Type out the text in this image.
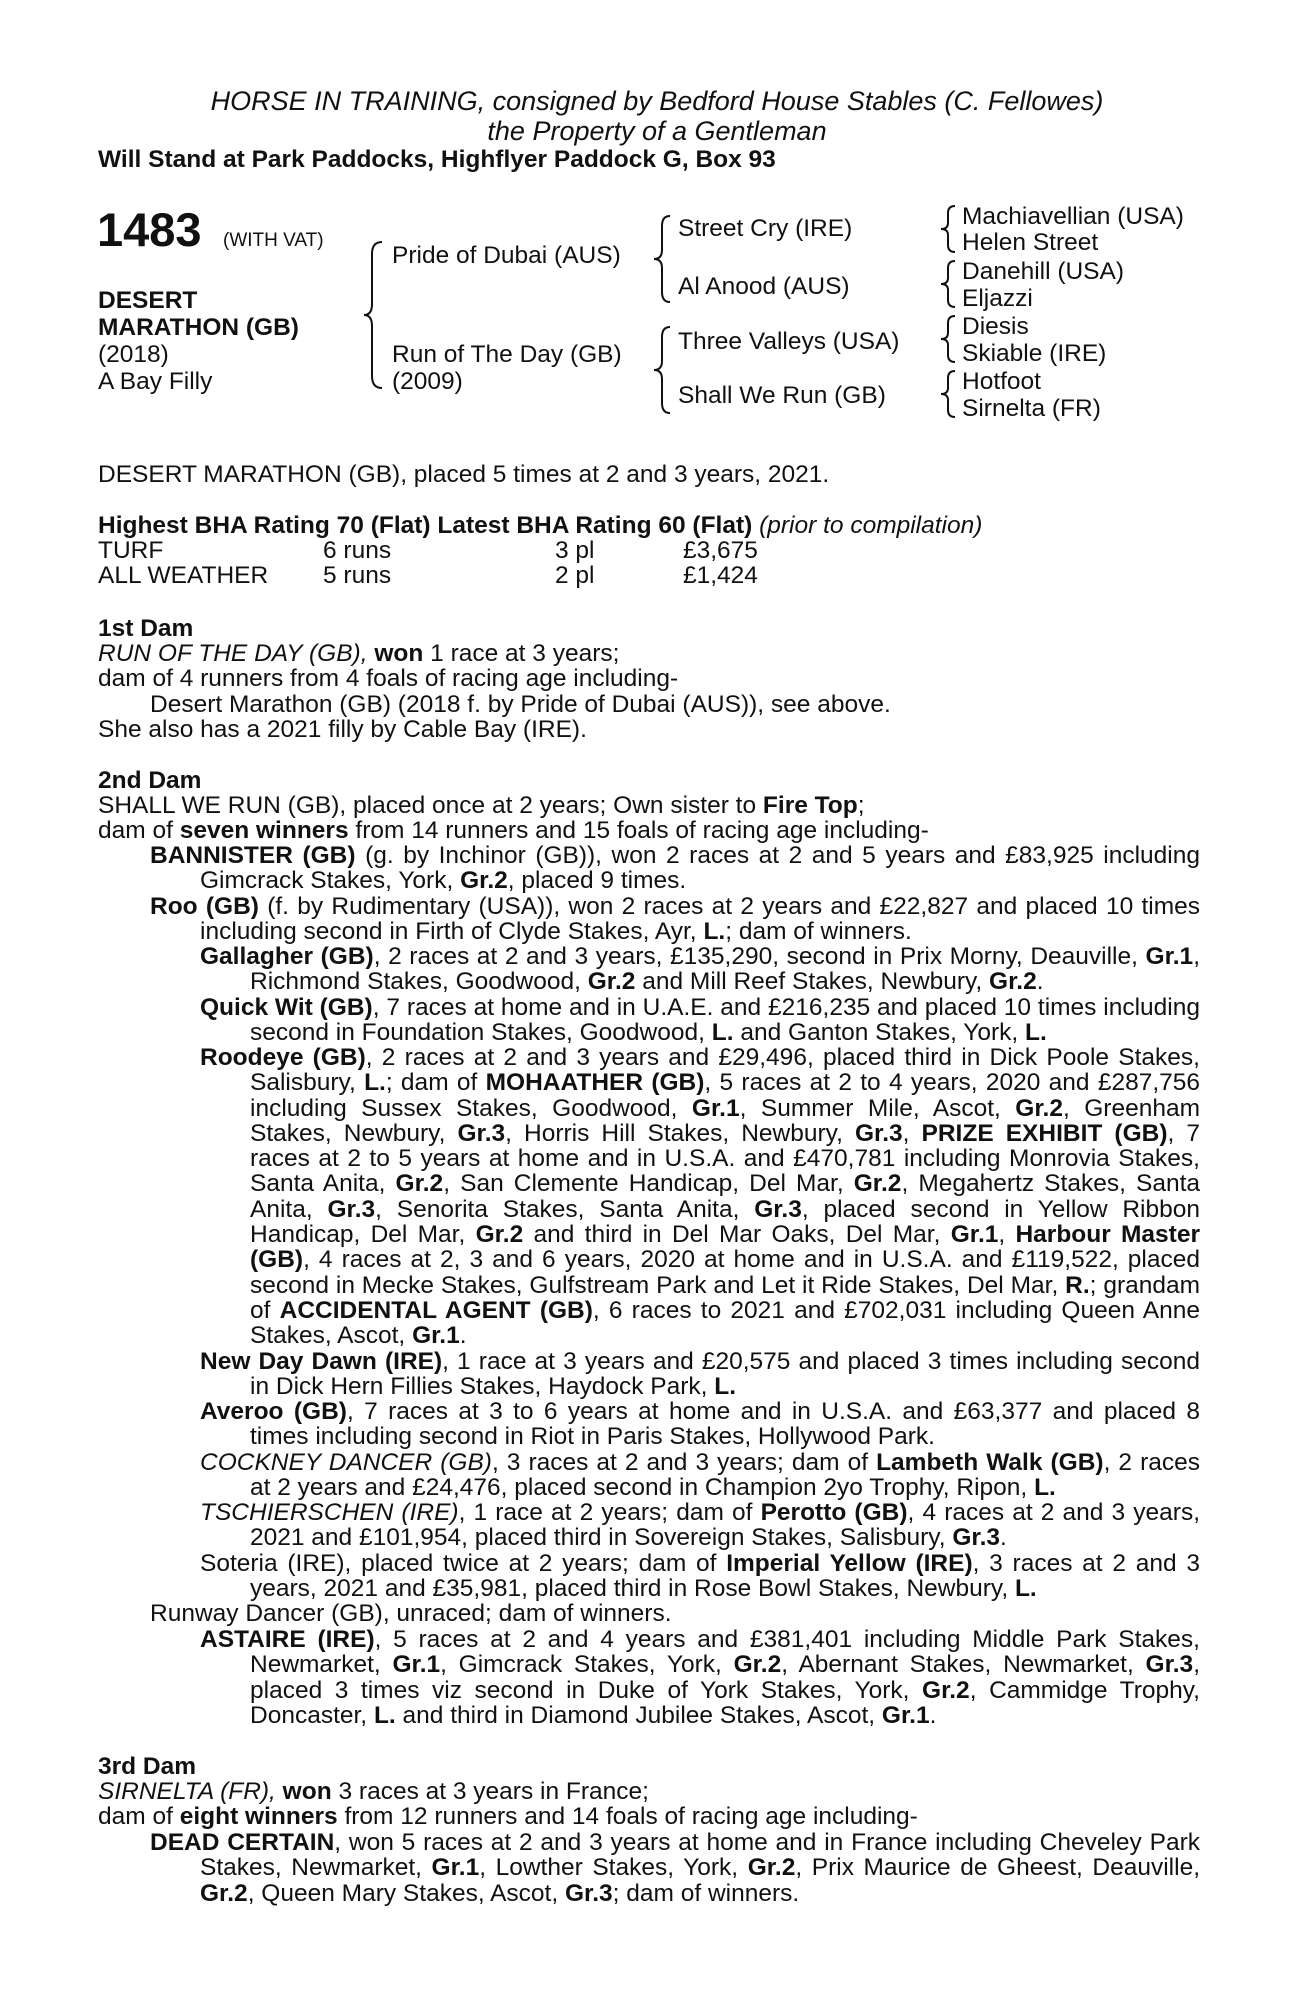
HORSE IN TRAINING, consigned by Bedford House Stables (C. Fellowes)
the Property of a Gentleman
Will Stand at Park Paddocks, Highflyer Paddock G, Box 93
1483 (WITH VAT)
DESERT
MARATHON (GB)
(2018)
A Bay Filly
Pride of Dubai (AUS)
Run of The Day (GB)
(2009)
Street Cry (IRE)
Al Anood (AUS)
Three Valleys (USA)
Shall We Run (GB)
Machiavellian (USA)
Helen Street
Danehill (USA)
Eljazzi
Diesis
Skiable (IRE)
Hotfoot
Sirnelta (FR)
DESERT MARATHON (GB), placed 5 times at 2 and 3 years, 2021.
Highest BHA Rating 70 (Flat) Latest BHA Rating 60 (Flat) (prior to compilation)
TURF	6 runs	3 pl	£3,675
ALL WEATHER 5 runs	2 pl	£1,424
1st Dam
RUN OF THE DAY (GB), won 1 race at 3 years;
dam of 4 runners from 4 foals of racing age including-
Desert Marathon (GB) (2018 f. by Pride of Dubai (AUS)), see above.
She also has a 2021 filly by Cable Bay (IRE).
2nd Dam
SHALL WE RUN (GB), placed once at 2 years; Own sister to Fire Top;
dam of seven winners from 14 runners and 15 foals of racing age including-
BANNISTER (GB) (g. by Inchinor (GB)), won 2 races at 2 and 5 years and £83,925 including Gimcrack Stakes, York, Gr.2, placed 9 times.
Roo (GB) (f. by Rudimentary (USA)), won 2 races at 2 years and £22,827 and placed 10 times including second in Firth of Clyde Stakes, Ayr, L.; dam of winners.
Gallagher (GB), 2 races at 2 and 3 years, £135,290, second in Prix Morny, Deauville, Gr.1, Richmond Stakes, Goodwood, Gr.2 and Mill Reef Stakes, Newbury, Gr.2.
Quick Wit (GB), 7 races at home and in U.A.E. and £216,235 and placed 10 times including second in Foundation Stakes, Goodwood, L. and Ganton Stakes, York, L.
Roodeye (GB), 2 races at 2 and 3 years and £29,496, placed third in Dick Poole Stakes, Salisbury, L.; dam of MOHAATHER (GB), 5 races at 2 to 4 years, 2020 and £287,756 including Sussex Stakes, Goodwood, Gr.1, Summer Mile, Ascot, Gr.2, Greenham Stakes, Newbury, Gr.3, Horris Hill Stakes, Newbury, Gr.3, PRIZE EXHIBIT (GB), 7 races at 2 to 5 years at home and in U.S.A. and £470,781 including Monrovia Stakes, Santa Anita, Gr.2, San Clemente Handicap, Del Mar, Gr.2, Megahertz Stakes, Santa Anita, Gr.3, Senorita Stakes, Santa Anita, Gr.3, placed second in Yellow Ribbon Handicap, Del Mar, Gr.2 and third in Del Mar Oaks, Del Mar, Gr.1, Harbour Master (GB), 4 races at 2, 3 and 6 years, 2020 at home and in U.S.A. and £119,522, placed second in Mecke Stakes, Gulfstream Park and Let it Ride Stakes, Del Mar, R.; grandam of ACCIDENTAL AGENT (GB), 6 races to 2021 and £702,031 including Queen Anne Stakes, Ascot, Gr.1.
New Day Dawn (IRE), 1 race at 3 years and £20,575 and placed 3 times including second in Dick Hern Fillies Stakes, Haydock Park, L.
Averoo (GB), 7 races at 3 to 6 years at home and in U.S.A. and £63,377 and placed 8 times including second in Riot in Paris Stakes, Hollywood Park.
COCKNEY DANCER (GB), 3 races at 2 and 3 years; dam of Lambeth Walk (GB), 2 races at 2 years and £24,476, placed second in Champion 2yo Trophy, Ripon, L.
TSCHIERSCHEN (IRE), 1 race at 2 years; dam of Perotto (GB), 4 races at 2 and 3 years, 2021 and £101,954, placed third in Sovereign Stakes, Salisbury, Gr.3.
Soteria (IRE), placed twice at 2 years; dam of Imperial Yellow (IRE), 3 races at 2 and 3 years, 2021 and £35,981, placed third in Rose Bowl Stakes, Newbury, L.
Runway Dancer (GB), unraced; dam of winners.
ASTAIRE (IRE), 5 races at 2 and 4 years and £381,401 including Middle Park Stakes, Newmarket, Gr.1, Gimcrack Stakes, York, Gr.2, Abernant Stakes, Newmarket, Gr.3, placed 3 times viz second in Duke of York Stakes, York, Gr.2, Cammidge Trophy, Doncaster, L. and third in Diamond Jubilee Stakes, Ascot, Gr.1.
3rd Dam
SIRNELTA (FR), won 3 races at 3 years in France;
dam of eight winners from 12 runners and 14 foals of racing age including-
DEAD CERTAIN, won 5 races at 2 and 3 years at home and in France including Cheveley Park Stakes, Newmarket, Gr.1, Lowther Stakes, York, Gr.2, Prix Maurice de Gheest, Deauville, Gr.2, Queen Mary Stakes, Ascot, Gr.3; dam of winners.
